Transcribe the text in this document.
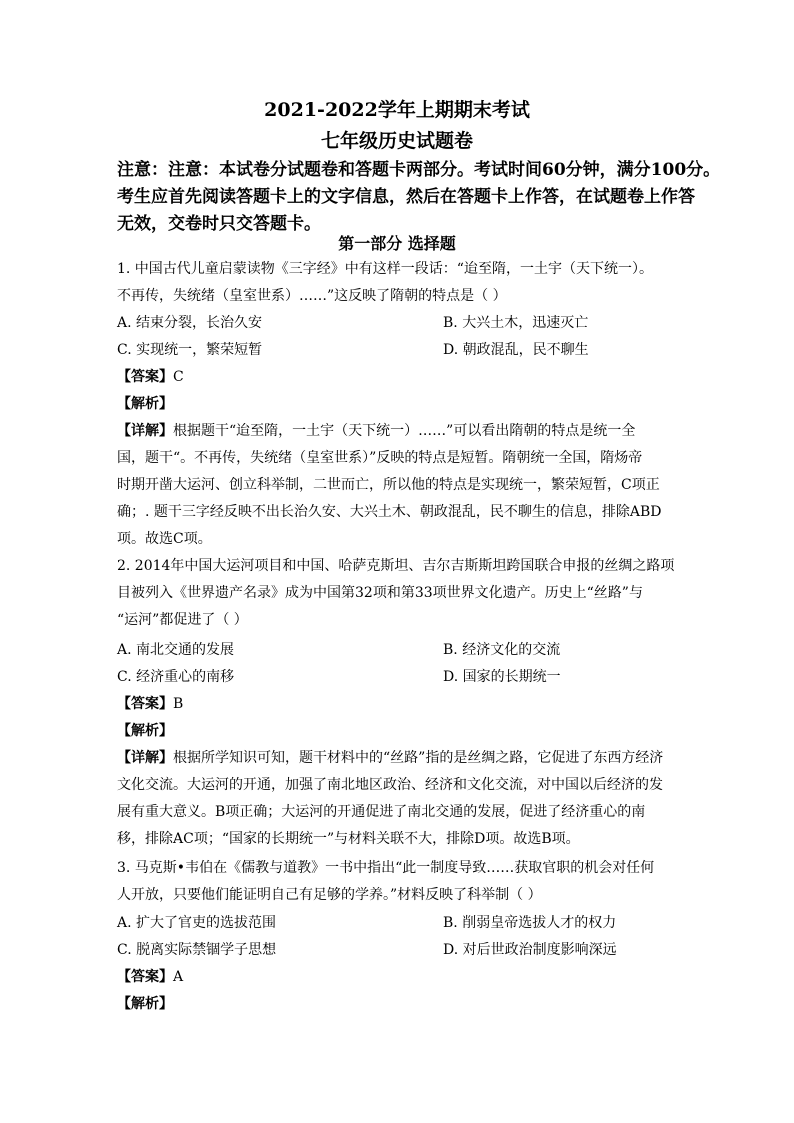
2021-2022学年上期期末考试
七年级历史试题卷
注意：注意：本试卷分试题卷和答题卡两部分。考试时间60分钟，满分100分。
考生应首先阅读答题卡上的文字信息，然后在答题卡上作答，在试题卷上作答
无效，交卷时只交答题卡。
第一部分 选择题
1. 中国古代儿童启蒙读物《三字经》中有这样一段话：“迨至隋，一土宇（天下统一）。
不再传，失统绪（皇室世系）……”这反映了隋朝的特点是（ ）
A. 结束分裂，长治久安	B. 大兴土木，迅速灭亡
C. 实现统一，繁荣短暂	D. 朝政混乱，民不聊生
【答案】C
【解析】
【详解】根据题干“迨至隋，一土宇（天下统一）……”可以看出隋朝的特点是统一全
国，题干“。不再传，失统绪（皇室世系）”反映的特点是短暂。隋朝统一全国，隋炀帝
时期开凿大运河、创立科举制，二世而亡，所以他的特点是实现统一，繁荣短暂，C项正
确；. 题干三字经反映不出长治久安、大兴土木、朝政混乱，民不聊生的信息，排除ABD
项。故选C项。
2. 2014年中国大运河项目和中国、哈萨克斯坦、吉尔吉斯斯坦跨国联合申报的丝绸之路项
目被列入《世界遗产名录》成为中国第32项和第33项世界文化遗产。历史上“丝路”与
“运河”都促进了（ ）
A. 南北交通的发展	B. 经济文化的交流
C. 经济重心的南移	D. 国家的长期统一
【答案】B
【解析】
【详解】根据所学知识可知，题干材料中的“丝路”指的是丝绸之路，它促进了东西方经济
文化交流。大运河的开通，加强了南北地区政治、经济和文化交流，对中国以后经济的发
展有重大意义。B项正确；大运河的开通促进了南北交通的发展，促进了经济重心的南
移，排除AC项；“国家的长期统一”与材料关联不大，排除D项。故选B项。
3. 马克斯•韦伯在《儒教与道教》一书中指出“此一制度导致……获取官职的机会对任何
人开放，只要他们能证明自己有足够的学养。”材料反映了科举制（ ）
A. 扩大了官吏的选拔范围	B. 削弱皇帝选拔人才的权力
C. 脱离实际禁锢学子思想	D. 对后世政治制度影响深远
【答案】A
【解析】
